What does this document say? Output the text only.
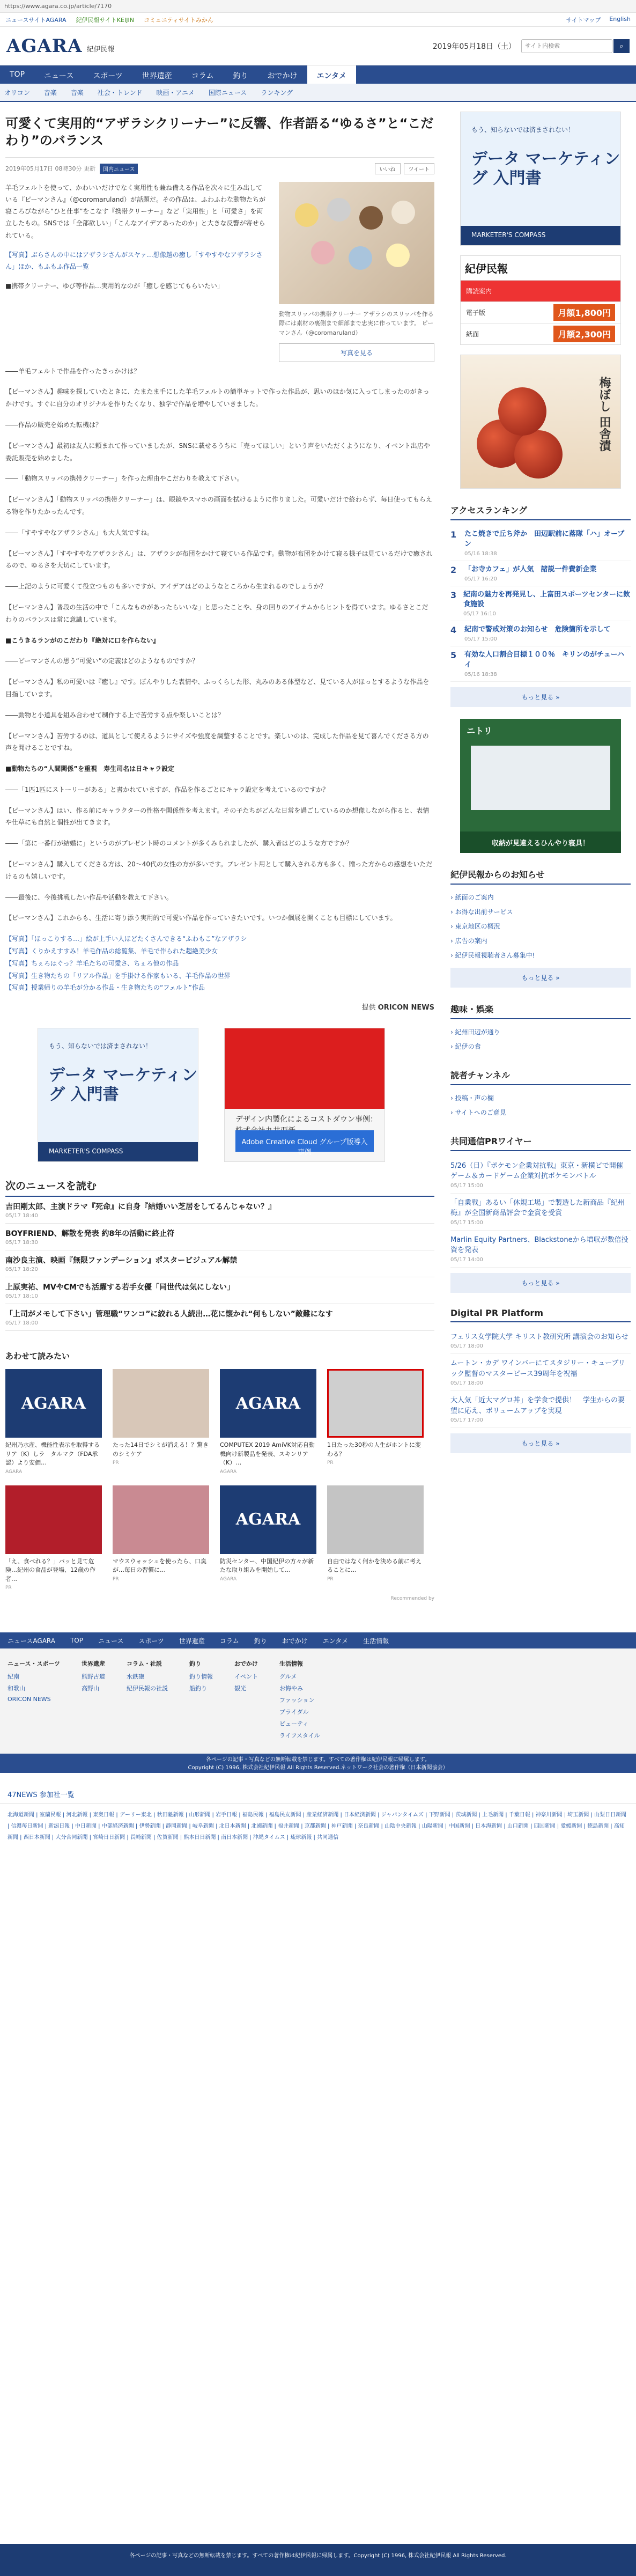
https://www.agara.co.jp/article/7170
ニュースサイトAGARA 紀伊民報サイトKEIJIN コミュニティサイトみかん	サイトマップ English
AGARA 紀伊民報	2019年05月18日（土）
サイト内検索	⌕
TOP	ニュース	スポーツ	世界遺産	コラム	釣り	おでかけ	エンタメ
オリコン 音楽 音楽 社会・トレンド 映画・アニメ 国際ニュース ランキング
可愛くて実用的“アザラシクリーナー”に反響、作者語る“ゆるさ”と“こだわり”のバランス
2019年05月17日 08時30分 更新	国内ニュース	いいね	ツイート

羊毛フェルトを使って、かわいいだけでなく実用性も兼ね備える作品を次々に生み出している『ピーマンさん』（@coromaruland）が話題だ。その作品は、ふわふわな動物たちが寝ころびながら“ひと仕事”をこなす『携帯クリーナー』など「実用性」と「可愛さ」を両立したもの。SNSでは「全部欲しい」「こんなアイデアあったのか」と大きな反響が寄せられている。

【写真】ぶらさんの中にはアザラシさんがスヤァ…想像越の癒し「すやすやなアザラシさん」ほか、もふもふ作品一覧

■携帯クリーナー、ゆび等作品…実用的なのが「癒しを感じてもらいたい」

動物スリッパの携帯クリーナー アザラシのスリッパを作る際には素材の裏側まで細部まで忠実に作っています。 ピーマンさん（@coromaruland）
写真を見る

――羊毛フェルトで作品を作ったきっかけは？

【ピーマンさん】趣味を探していたときに、たまたま手にした羊毛フェルトの簡単キットで作った作品が、思いのほか気に入ってしまったのがきっかけです。すぐに自分のオリジナルを作りたくなり、独学で作品を増やしていきました。

――作品の販売を始めた転機は？

【ピーマンさん】最初は友人に頼まれて作っていましたが、SNSに載せるうちに「売ってほしい」という声をいただくようになり、イベント出店や委託販売を始めました。

――「動物スリッパの携帯クリーナー」を作った理由やこだわりを教えて下さい。

【ピーマンさん】「動物スリッパの携帯クリーナー」は、眼鏡やスマホの画面を拭けるように作りました。可愛いだけで終わらず、毎日使ってもらえる物を作りたかったんです。

――「すやすやなアザラシさん」も大人気ですね。

【ピーマンさん】「すやすやなアザラシさん」は、アザラシが布団をかけて寝ている作品です。動物が布団をかけて寝る様子は見ているだけで癒されるので、ゆるさを大切にしています。

――上記のように可愛くて役立つものも多いですが、アイデアはどのようなところから生まれるのでしょうか？

【ピーマンさん】普段の生活の中で「こんなものがあったらいいな」と思ったことや、身の回りのアイテムからヒントを得ています。ゆるさとこだわりのバランスは常に意識しています。

■こうきるランがのこだわり『絶対に口を作らない』

――ピーマンさんの思う“可愛い”の定義はどのようなものですか？

【ピーマンさん】私の可愛いは『癒し』です。ぼんやりした表情や、ふっくらした形、丸みのある体型など、見ている人がほっとするような作品を目指しています。

――動物と小道具を組み合わせて制作する上で苦労する点や楽しいことは？

【ピーマンさん】苦労するのは、道具として使えるようにサイズや強度を調整することです。楽しいのは、完成した作品を見て喜んでくださる方の声を聞けることですね。

■動物たちの“人間関係”を重視　寿生司名は日キャラ設定

――「1匹1匹にストーリーがある」と書かれていますが、作品を作るごとにキャラ設定を考えているのですか？

【ピーマンさん】はい、作る前にキャラクターの性格や関係性を考えます。その子たちがどんな日常を過ごしているのか想像しながら作ると、表情や仕草にも自然と個性が出てきます。

――「第に一番行が結婚に」というのがプレゼント時のコメントが多くみられましたが、購入者はどのような方ですか？

【ピーマンさん】購入してくださる方は、20〜40代の女性の方が多いです。プレゼント用として購入される方も多く、贈った方からの感想をいただけるのも嬉しいです。

――最後に、今後挑戦したい作品や活動を教えて下さい。

【ピーマンさん】これからも、生活に寄り添う実用的で可愛い作品を作っていきたいです。いつか個展を開くことも目標にしています。

【写真】「ほっこりする…」絵が上手い人ほどたくさんできる“ふわもこ”なアザラシ
【写真】くりかえすすみ！羊毛作品の総覧集、羊毛で作られた超絶美少女
【写真】ちぇろはぐっ？羊毛たちの可愛さ、ちぇろ他の作品
【写真】生き物たちの「リアル作品」を手掛ける作家もいる、羊毛作品の世界
【写真】授業帰りの羊毛が分かる作品・生き物たちの“フェルト”作品
提供 ORICON NEWS
もう、知らないでは済まされない！
データ マーケティング 入門書
MARKETER'S COMPASS
デザイン内製化によるコストダウン事例：
Adobe Creative Cloud グループ版導入事例
次のニュースを読む
吉田剛太郎、主演ドラマ『死命』に自身『結婚いい芝居をしてるんじゃない？』
05/17 18:40
BOYFRIEND、解散を発表 約8年の活動に終止符
05/17 18:30
南沙良主演、映画『無限ファンデーション』ポスタービジュアル解禁
05/17 18:20
上原実祐、MVやCMでも活躍する若手女優「同世代は気にしない」
05/17 18:10
「上司がメモして下さい」管理職“ワンコ”に絞れる人続出…花に懐かれ“何もしない”敵難になす
05/17 18:00
あわせて読みたい
AGARA
紀州乃水産、機能性表示を取得するリア（K）しラ　タルマク（FDA承認）より安価…
AGARA
たった14日でシミが消える！？驚きのシミケア
PR
AGARA
COMPUTEX 2019 AmiVK対応自動機向け新製品を発表、スキンリア（K）…
AGARA
1日たった30秒の人生がホントに変わる？
PR
「え、食べれる？」パッと見て危険…紀州の食品が登場、12歳の作者…
PR
マウスウォッシュを使ったら、口臭が…毎日の習慣に…
PR
AGARA
防災センター、中国紀伊の方々が新たな取り組みを開始して…
AGARA
自由ではなく何かを決める前に考えることに…
PR
Recommended by
もう、知らないでは済まされない！
データ マーケティング 入門書
MARKETER'S COMPASS
紀伊民報
購読案内
電子版	月額1,800円
紙面	月額2,300円
梅ぼし 田舎漬
アクセスランキング
1	たこ焼きで丘ち斧か　田辺駅前に落隊「ハ」オープン
05/16 18:38
2	「お寺カフェ」が人気　諸説一件費新企業
05/17 16:20
3 紀南の魅力を再発見し、上富田スポーツセンターに飲食施設
05/17 16:10
4	紀南で警戒対策のお知らせ　危険箇所を示して
05/17 15:00
5	有効な人口割合目標１００％　キリンのがチューハイ
05/16 18:38
もっと見る »
ニトリ
収納が見違えるひんやり寝具！
紀伊民報からのお知らせ
› 紙面のご案内
› お得な出前サービス
› 東京地区の概況
› 広告の案内
› 紀伊民報視聴者さん募集中!
もっと見る »
趣味・娯楽
› 紀州田辺が通り
› 紀伊の食
読者チャンネル
› 投稿・声の欄
› サイトへのご意見
共同通信PRワイヤー
5/26（日）『ポケモン企業対抗戦』東京・新横ビで開催　ゲーム＆カードゲーム企業対抗ポケモンバトル
05/17 15:00
「自業戦」あるい「休規工場」で製造した新商品『紀州梅』が全国新商品評会で金賞を受賞
05/17 15:00
Marlin Equity Partners、Blackstoneから増収が数倍投資を発表
05/17 14:00
もっと見る »
Digital PR Platform
フェリス女学院大学 キリスト教研究所 講演会のお知らせ
05/17 18:00
ムートン・カデ ワインバーにてスタジリー・キューブリック監督のマスターピース39周年を祝福
05/17 18:00
大人気「近大マグロ丼」を学食で提供！　学生からの要望に応え、ボリュームアップを実現
05/17 17:00
もっと見る »
ニュースAGARA TOP ニュース スポーツ 世界遺産 コラム 釣り おでかけ エンタメ 生活情報
ニュース・スポーツ
紀南
和歌山
ORICON NEWS
世界遺産
熊野古道
高野山
コラム・社説
水鉄砲
紀伊民報の社説
釣り
釣り情報
船釣り
おでかけ
イベント
観光
生活情報
グルメ
お悔やみ
ファッション
ブライダル
ビューティ
ライフスタイル
各ページの記事・写真などの無断転載を禁じます。すべての著作権は紀伊民報に帰属します。
Copyright (C) 1996, 株式会社紀伊民報 All Rights Reserved.ネットワーク社会の著作権（日本新聞協会）
47NEWS 参加社一覧
北海道新聞 | 室蘭民報 | 河北新報 | 東奥日報 | デーリー東北 | 秋田魁新報 | 山形新聞 | 岩手日報 | 福島民報 | 福島民友新聞 | 産業経済新聞 | 日本経済新聞 | ジャパンタイムズ | 下野新聞 | 茨城新聞 | 上毛新聞 | 千葉日報 | 神奈川新聞 | 埼玉新聞 | 山梨日日新聞 | 信濃毎日新聞 | 新潟日報 | 中日新聞 | 中部経済新聞 | 伊勢新聞 | 静岡新聞 | 岐阜新聞 | 北日本新聞 | 北國新聞 | 福井新聞 | 京都新聞 | 神戸新聞 | 奈良新聞 | 山陰中央新報 | 山陽新聞 | 中国新聞 | 日本海新聞 | 山口新聞 | 四国新聞 | 愛媛新聞 | 徳島新聞 | 高知新聞 | 西日本新聞 | 大分合同新聞 | 宮崎日日新聞 | 長崎新聞 | 佐賀新聞 | 熊本日日新聞 | 南日本新聞 | 沖縄タイムス | 琉球新報 | 共同通信
各ページの記事・写真などの無断転載を禁じます。すべての著作権は紀伊民報に帰属します。Copyright (C) 1996, 株式会社紀伊民報 All Rights Reserved.
